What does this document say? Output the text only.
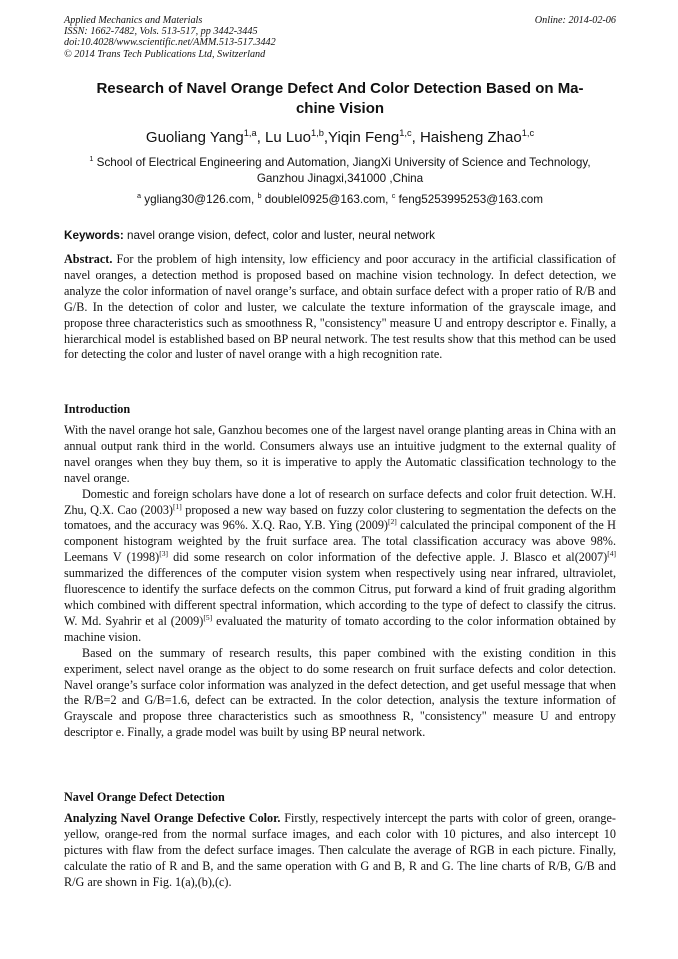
Applied Mechanics and Materials
ISSN: 1662-7482, Vols. 513-517, pp 3442-3445
doi:10.4028/www.scientific.net/AMM.513-517.3442
© 2014 Trans Tech Publications Ltd, Switzerland
Online: 2014-02-06
Research of Navel Orange Defect And Color Detection Based on Ma-
chine Vision
Guoliang Yang$^{1,a}$, Lu Luo$^{1,b}$,Yiqin Feng$^{1,c}$, Haisheng Zhao$^{1,c}$
$^1$ School of Electrical Engineering and Automation, JiangXi University of Science and Technology,
Ganzhou Jinagxi,341000 ,China
$^a$ ygliang30@126.com, $^b$ doublel0925@163.com, $^c$ feng5253995253@163.com
Keywords: navel orange vision, defect, color and luster, neural network

Abstract. For the problem of high intensity, low efficiency and poor accuracy in the artificial classification of navel oranges, a detection method is proposed based on machine vision technology. In defect detection, we analyze the color information of navel orange’s surface, and obtain surface defect with a proper ratio of R/B and G/B. In the detection of color and luster, we calculate the texture information of the grayscale image, and propose three characteristics such as smoothness R, "consistency" measure U and entropy descriptor e. Finally, a hierarchical model is established based on BP neural network. The test results show that this method can be used for detecting the color and luster of navel orange with a high recognition rate.

Introduction

With the navel orange hot sale, Ganzhou becomes one of the largest navel orange planting areas in China with an annual output rank third in the world. Consumers always use an intuitive judgment to the external quality of navel oranges when they buy them, so it is imperative to apply the Automatic classification technology to the navel orange.

Domestic and foreign scholars have done a lot of research on surface defects and color fruit detection. W.H. Zhu, Q.X. Cao (2003)[1] proposed a new way based on fuzzy color clustering to segmentation the defects on the tomatoes, and the accuracy was 96%. X.Q. Rao, Y.B. Ying (2009)[2] calculated the principal component of the H component histogram weighted by the fruit surface area. The total classification accuracy was above 98%. Leemans V (1998)[3] did some research on color information of the defective apple. J. Blasco et al(2007)[4] summarized the differences of the computer vision system when respectively using near infrared, ultraviolet, fluorescence to identify the surface defects on the common Citrus, put forward a kind of fruit grading algorithm which combined with different spectral information, which according to the type of defect to classify the citrus. W. Md. Syahrir et al (2009)[5] evaluated the maturity of tomato according to the color information obtained by machine vision.

Based on the summary of research results, this paper combined with the existing condition in this experiment, select navel orange as the object to do some research on fruit surface defects and color detection. Navel orange’s surface color information was analyzed in the defect detection, and get useful message that when the R/B=2 and G/B=1.6, defect can be extracted. In the color detection, analysis the texture information of Grayscale and propose three characteristics such as smoothness R, "consistency" measure U and entropy descriptor e. Finally, a grade model was built by using BP neural network.

Navel Orange Defect Detection

Analyzing Navel Orange Defective Color. Firstly, respectively intercept the parts with color of green, orange-yellow, orange-red from the normal surface images, and each color with 10 pictures, and also intercept 10 pictures with flaw from the defect surface images. Then calculate the average of RGB in each picture. Finally, calculate the ratio of R and B, and the same operation with G and B, R and G. The line charts of R/B, G/B and R/G are shown in Fig. 1(a),(b),(c).
